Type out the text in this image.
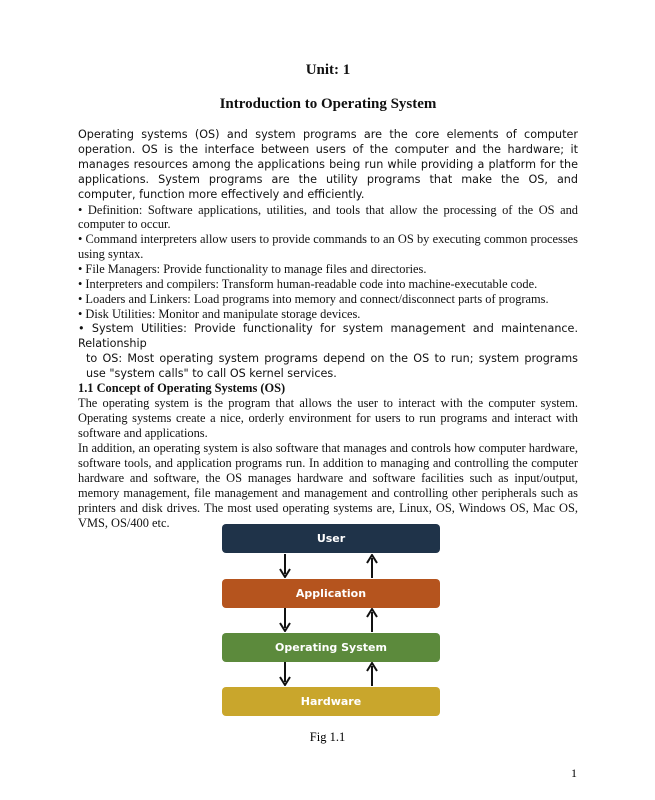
Unit: 1
Introduction to Operating System

Operating systems (OS) and system programs are the core elements of computer operation. OS is the interface between users of the computer and the hardware; it manages resources among the applications being run while providing a platform for the applications. System programs are the utility programs that make the OS, and computer, function more effectively and efficiently.

• Definition: Software applications, utilities, and tools that allow the processing of the OS and computer to occur.

• Command interpreters allow users to provide commands to an OS by executing common processes using syntax.

• File Managers: Provide functionality to manage files and directories.

• Interpreters and compilers: Transform human-readable code into machine-executable code.

• Loaders and Linkers: Load programs into memory and connect/disconnect parts of programs.

• Disk Utilities: Monitor and manipulate storage devices.

• System Utilities: Provide functionality for system management and maintenance. Relationship

to OS: Most operating system programs depend on the OS to run; system programs use "system calls" to call OS kernel services.

1.1 Concept of Operating Systems (OS)

The operating system is the program that allows the user to interact with the computer system. Operating systems create a nice, orderly environment for users to run programs and interact with software and applications.

In addition, an operating system is also software that manages and controls how computer hardware, software tools, and application programs run. In addition to managing and controlling the computer hardware and software, the OS manages hardware and software facilities such as input/output, memory management, file management and management and controlling other peripherals such as printers and disk drives. The most used operating systems are, Linux, OS, Windows OS, Mac OS, VMS, OS/400 etc.

User
Application
Operating System
Hardware
Fig 1.1
1
